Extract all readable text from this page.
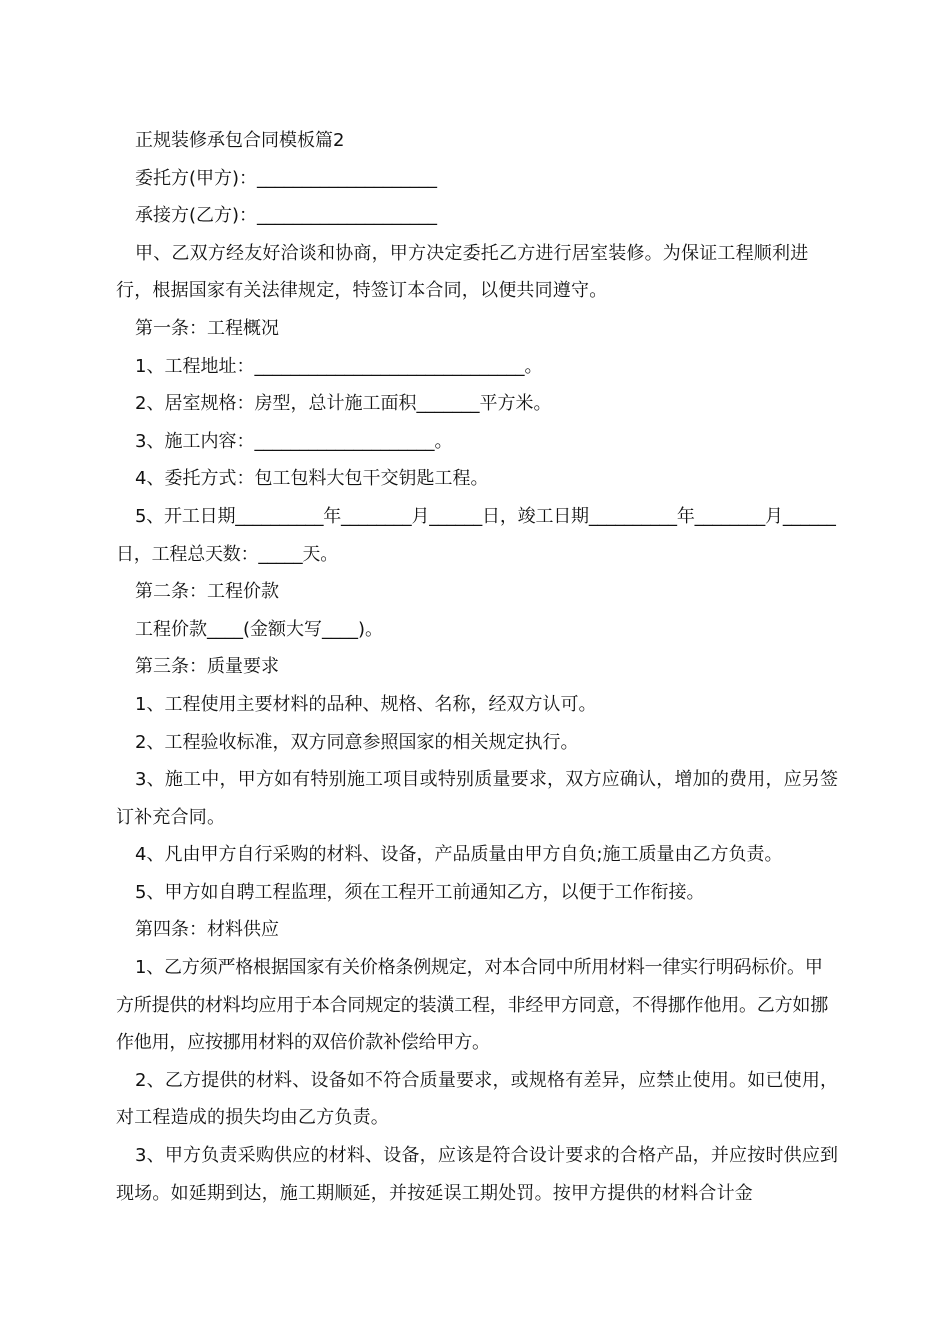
正规装修承包合同模板篇2

委托方(甲方)：____________________

承接方(乙方)：____________________

甲、乙双方经友好洽谈和协商，甲方决定委托乙方进行居室装修。为保证工程顺利进行，根据国家有关法律规定，特签订本合同，以便共同遵守。

第一条：工程概况

1、工程地址：______________________________。

2、居室规格：房型，总计施工面积_______平方米。

3、施工内容：____________________。

4、委托方式：包工包料大包干交钥匙工程。

5、开工日期__________年________月______日，竣工日期__________年________月______日，工程总天数：_____天。

第二条：工程价款

工程价款____(金额大写____)。

第三条：质量要求

1、工程使用主要材料的品种、规格、名称，经双方认可。

2、工程验收标准，双方同意参照国家的相关规定执行。

3、施工中，甲方如有特别施工项目或特别质量要求，双方应确认，增加的费用，应另签订补充合同。

4、凡由甲方自行采购的材料、设备，产品质量由甲方自负;施工质量由乙方负责。

5、甲方如自聘工程监理，须在工程开工前通知乙方，以便于工作衔接。

第四条：材料供应

1、乙方须严格根据国家有关价格条例规定，对本合同中所用材料一律实行明码标价。甲方所提供的材料均应用于本合同规定的装潢工程，非经甲方同意，不得挪作他用。乙方如挪作他用，应按挪用材料的双倍价款补偿给甲方。

2、乙方提供的材料、设备如不符合质量要求，或规格有差异，应禁止使用。如已使用，对工程造成的损失均由乙方负责。

3、甲方负责采购供应的材料、设备，应该是符合设计要求的合格产品，并应按时供应到现场。如延期到达，施工期顺延，并按延误工期处罚。按甲方提供的材料合计金
